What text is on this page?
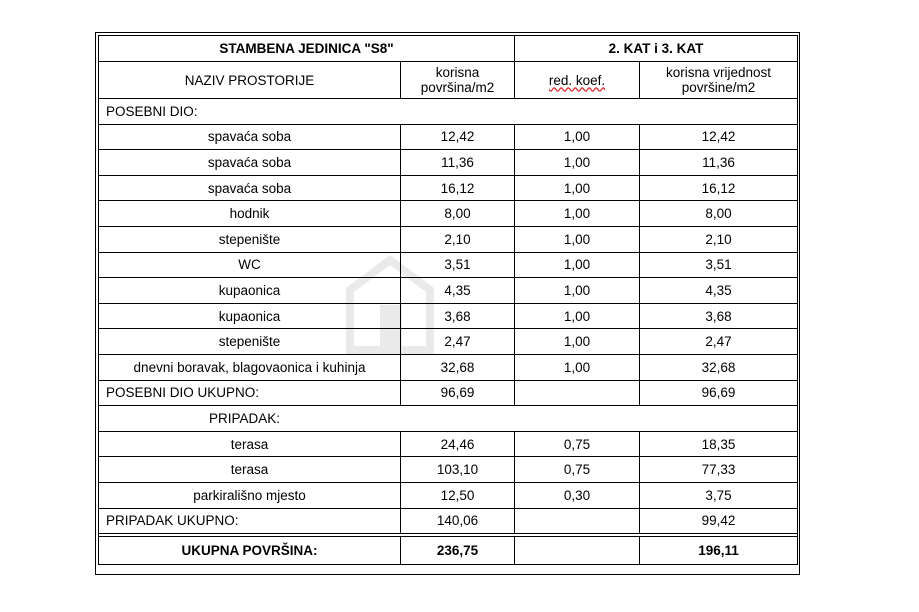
STAMBENA JEDINICA "S8"		2. KAT i 3. KAT	
NAZIV PROSTORIJE	korisna površina/m2	red. koef.	korisna vrijednost površine/m2
POSEBNI DIO:			
spavaća soba	12,42	1,00	12,42
spavaća soba	11,36	1,00	11,36
spavaća soba	16,12	1,00	16,12
hodnik	8,00	1,00	8,00
stepenište	2,10	1,00	2,10
WC	3,51	1,00	3,51
kupaonica	4,35	1,00	4,35
kupaonica	3,68	1,00	3,68
stepenište	2,47	1,00	2,47
dnevni boravak, blagovaonica i kuhinja	32,68	1,00	32,68
POSEBNI DIO UKUPNO:	96,69		96,69
PRIPADAK:			
terasa	24,46	0,75	18,35
terasa	103,10	0,75	77,33
parkirališno mjesto	12,50	0,30	3,75
PRIPADAK UKUPNO:	140,06		99,42

UKUPNA POVRŠINA:	236,75		196,11
